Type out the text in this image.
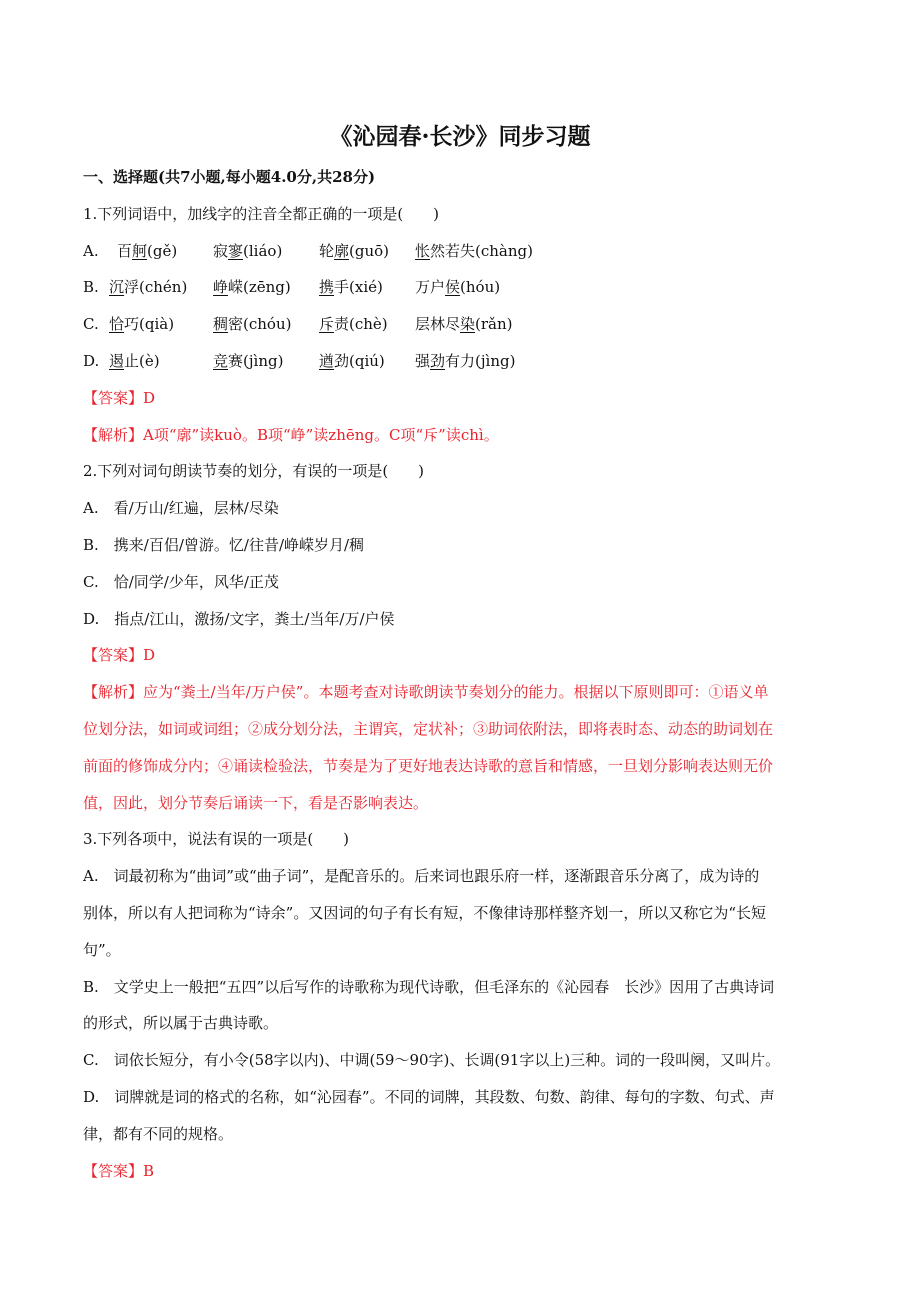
《沁园春·长沙》同步习题
一、选择题(共7小题,每小题4.0分,共28分)
1.下列词语中，加线字的注音全都正确的一项是(　　)
A. 百舸(gě) 寂寥(liáo) 轮廓(guō) 怅然若失(chàng)
B. 沉浮(chén) 峥嵘(zēng) 携手(xié) 万户侯(hóu)
C. 恰巧(qià)	稠密(chóu) 斥责(chè) 层林尽染(rǎn)
D. 遏止(è)	竞赛(jìng) 遒劲(qiú) 强劲有力(jìng)
【答案】D
【解析】A项“廓”读kuò。B项“峥”读zhēng。C项“斥”读chì。
2.下列对词句朗读节奏的划分，有误的一项是(　　)
A.　看/万山/红遍，层林/尽染
B.　携来/百侣/曾游。忆/往昔/峥嵘岁月/稠
C.　恰/同学/少年，风华/正茂
D.　指点/江山，激扬/文字，粪土/当年/万/户侯
【答案】D
【解析】应为“粪土/当年/万户侯”。本题考查对诗歌朗读节奏划分的能力。根据以下原则即可：①语义单
位划分法，如词或词组；②成分划分法，主谓宾，定状补；③助词依附法，即将表时态、动态的助词划在
前面的修饰成分内；④诵读检验法，节奏是为了更好地表达诗歌的意旨和情感，一旦划分影响表达则无价
值，因此，划分节奏后诵读一下，看是否影响表达。
3.下列各项中，说法有误的一项是(　　)
A.　词最初称为“曲词”或“曲子词”，是配音乐的。后来词也跟乐府一样，逐渐跟音乐分离了，成为诗的
别体，所以有人把词称为“诗余”。又因词的句子有长有短，不像律诗那样整齐划一，所以又称它为“长短
句”。
B.　文学史上一般把“五四”以后写作的诗歌称为现代诗歌，但毛泽东的《沁园春　长沙》因用了古典诗词
的形式，所以属于古典诗歌。
C.　词依长短分，有小令(58字以内)、中调(59～90字)、长调(91字以上)三种。词的一段叫阕，又叫片。
D.　词牌就是词的格式的名称，如“沁园春”。不同的词牌，其段数、句数、韵律、每句的字数、句式、声
律，都有不同的规格。
【答案】B
